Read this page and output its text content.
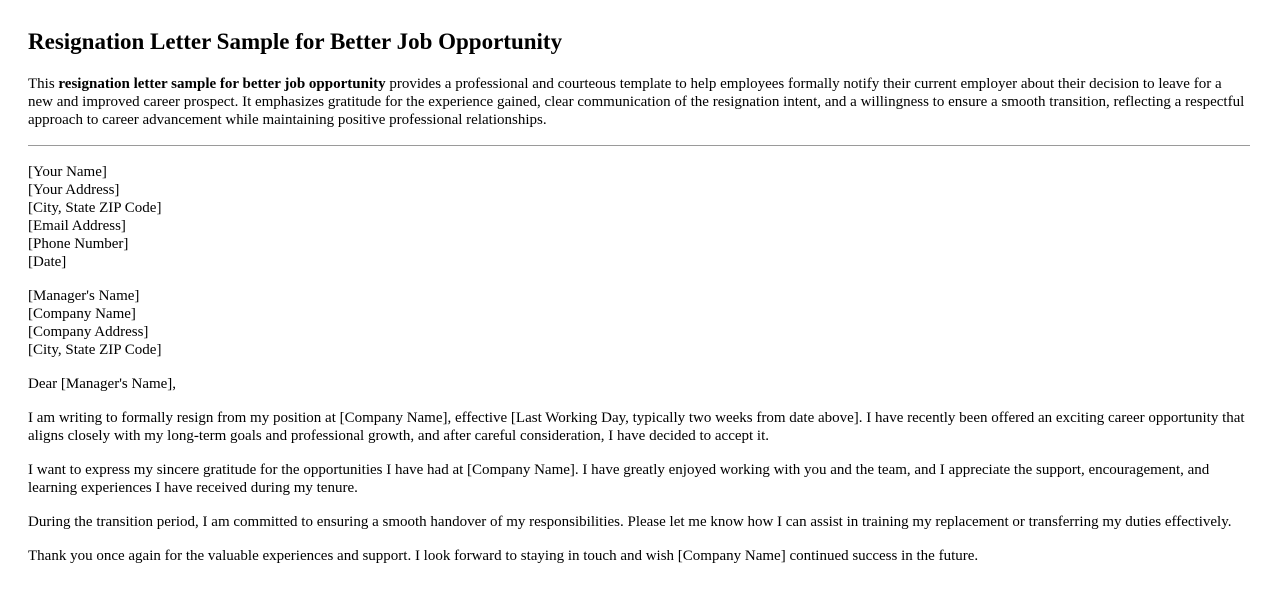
Resignation Letter Sample for Better Job Opportunity
This resignation letter sample for better job opportunity provides a professional and courteous template to help employees formally notify their current employer about their decision to leave for a new and improved career prospect. It emphasizes gratitude for the experience gained, clear communication of the resignation intent, and a willingness to ensure a smooth transition, reflecting a respectful approach to career advancement while maintaining positive professional relationships.
[Your Name]
[Your Address]
[City, State ZIP Code]
[Email Address]
[Phone Number]
[Date]
[Manager's Name]
[Company Name]
[Company Address]
[City, State ZIP Code]

Dear [Manager's Name],

I am writing to formally resign from my position at [Company Name], effective [Last Working Day, typically two weeks from date above]. I have recently been offered an exciting career opportunity that aligns closely with my long-term goals and professional growth, and after careful consideration, I have decided to accept it.

I want to express my sincere gratitude for the opportunities I have had at [Company Name]. I have greatly enjoyed working with you and the team, and I appreciate the support, encouragement, and learning experiences I have received during my tenure.

During the transition period, I am committed to ensuring a smooth handover of my responsibilities. Please let me know how I can assist in training my replacement or transferring my duties effectively.

Thank you once again for the valuable experiences and support. I look forward to staying in touch and wish [Company Name] continued success in the future.
